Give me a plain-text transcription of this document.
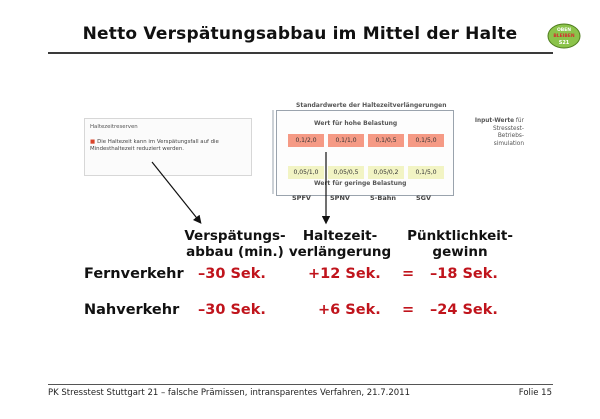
Netto Verspätungsabbau im Mittel der Halte	OBEN
BLEIBEN
S21
Haltezeitreserven
■ Die Haltezeit kann im Verspätungsfall auf die Mindesthaltezeit reduziert werden.
Standardwerte der Haltezeitverlängerungen
Wert für hohe Belastung
0,1/2,0	0,1/1,0	0,1/0,5	0,1/5,0
0,05/1,0	0,05/0,5	0,05/0,2	0,1/5,0
Wert für geringe Belastung
SPFV	SPNV	S-Bahn	SGV
Input-Werte für
Stresstest-
Betriebs-
simulation
Verspätungs-
abbau (min.)
Haltezeit-
verlängerung
Pünktlichkeit-
gewinn
Fernverkehr –30 Sek.	+12 Sek. = –18 Sek.
Nahverkehr –30 Sek.	+6 Sek. = –24 Sek.
PK Stresstest Stuttgart 21 – falsche Prämissen, intransparentes Verfahren, 21.7.2011	Folie 15
